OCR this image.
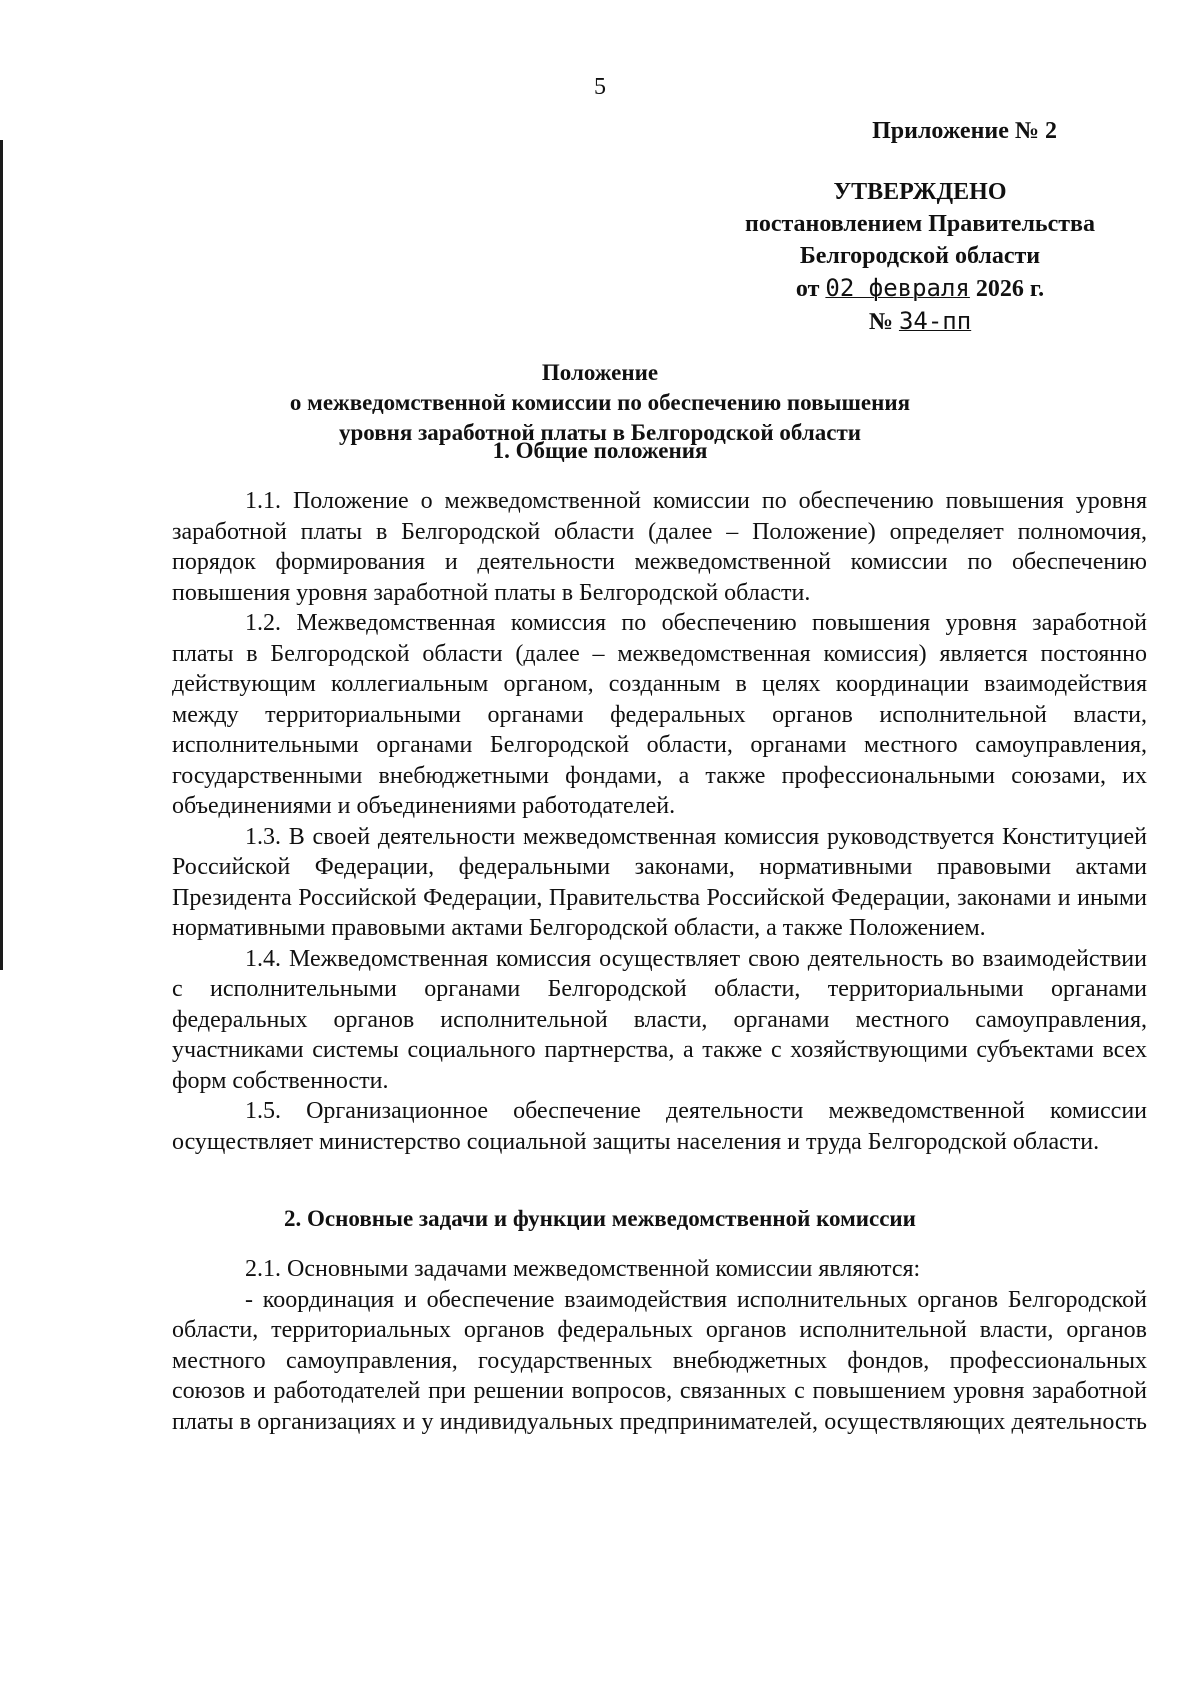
5
Приложение № 2
УТВЕРЖДЕНО
постановлением Правительства
Белгородской области
от 02 февраля 2026 г.
№ 34-пп
Положение
о межведомственной комиссии по обеспечению повышения
уровня заработной платы в Белгородской области
1. Общие положения

1.1. Положение о межведомственной комиссии по обеспечению повышения уровня заработной платы в Белгородской области (далее – Положение) определяет полномочия, порядок формирования и деятельности межведомственной комиссии по обеспечению повышения уровня заработной платы в Белгородской области.

1.2. Межведомственная комиссия по обеспечению повышения уровня заработной платы в Белгородской области (далее – межведомственная комиссия) является постоянно действующим коллегиальным органом, созданным в целях координации взаимодействия между территориальными органами федеральных органов исполнительной власти, исполнительными органами Белгородской области, органами местного самоуправления, государственными внебюджетными фондами, а также профессиональными союзами, их объединениями и объединениями работодателей.

1.3. В своей деятельности межведомственная комиссия руководствуется Конституцией Российской Федерации, федеральными законами, нормативными правовыми актами Президента Российской Федерации, Правительства Российской Федерации, законами и иными нормативными правовыми актами Белгородской области, а также Положением.

1.4. Межведомственная комиссия осуществляет свою деятельность во взаимодействии с исполнительными органами Белгородской области, территориальными органами федеральных органов исполнительной власти, органами местного самоуправления, участниками системы социального партнерства, а также с хозяйствующими субъектами всех форм собственности.

1.5. Организационное обеспечение деятельности межведомственной комиссии осуществляет министерство социальной защиты населения и труда Белгородской области.

2. Основные задачи и функции межведомственной комиссии

2.1. Основными задачами межведомственной комиссии являются:

- координация и обеспечение взаимодействия исполнительных органов Белгородской области, территориальных органов федеральных органов исполнительной власти, органов местного самоуправления, государственных внебюджетных фондов, профессиональных союзов и работодателей при решении вопросов, связанных с повышением уровня заработной платы в организациях и у индивидуальных предпринимателей, осуществляющих деятельность
